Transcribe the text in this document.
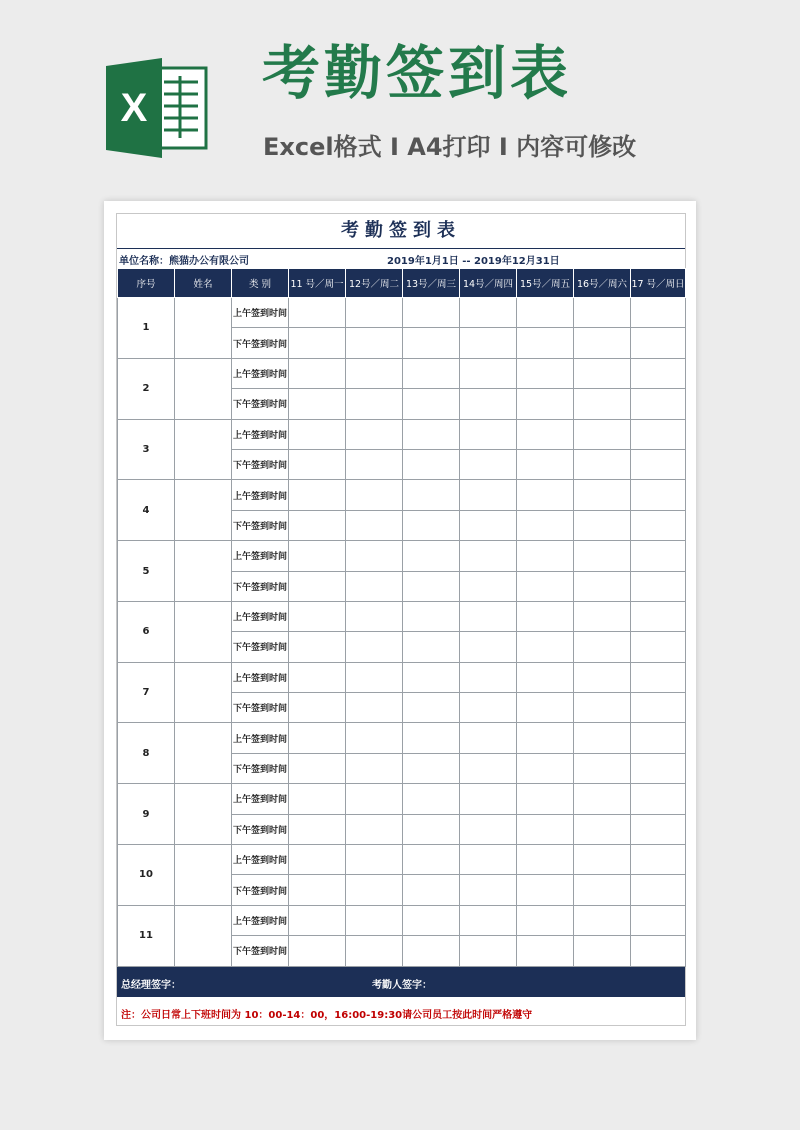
X
考勤签到表
Excel格式 Ⅰ A4打印 Ⅰ 内容可修改
考勤签到表
单位名称：熊猫办公有限公司	2019年1月1日 -- 2019年12月31日
序号	姓名	类 别	11 号／周一	12号／周二	13号／周三	14号／周四	15号／周五	16号／周六	17 号／周日
1		上午签到时间							
		下午签到时间							
2		上午签到时间							
		下午签到时间							
3		上午签到时间							
		下午签到时间							
4		上午签到时间							
		下午签到时间							
5		上午签到时间							
		下午签到时间							
6		上午签到时间							
		下午签到时间							
7		上午签到时间							
		下午签到时间							
8		上午签到时间							
		下午签到时间							
9		上午签到时间							
		下午签到时间							
10		上午签到时间							
		下午签到时间							
11		上午签到时间							
		下午签到时间							
总经理签字：	考勤人签字：
注：公司日常上下班时间为 10：00-14：00，16:00-19:30请公司员工按此时间严格遵守
